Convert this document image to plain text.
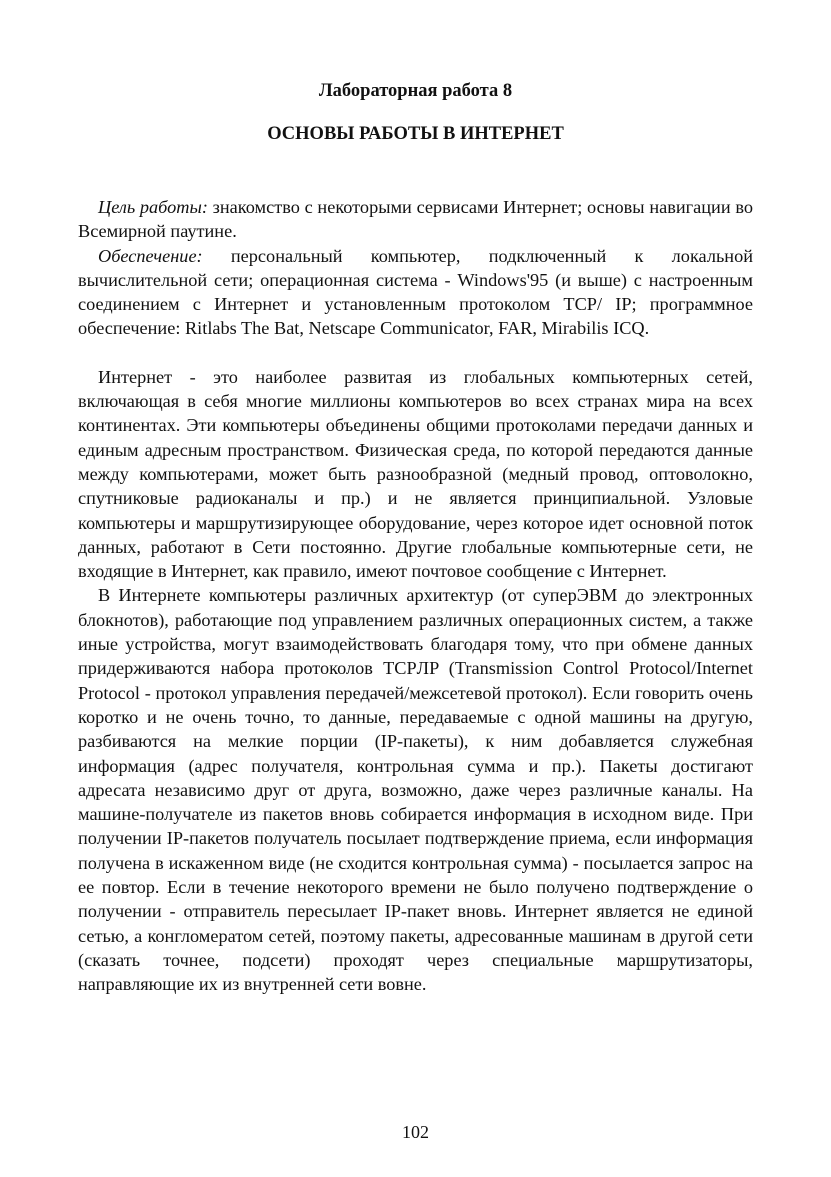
Лабораторная работа 8
ОСНОВЫ РАБОТЫ В ИНТЕРНЕТ

Цель работы: знакомство с некоторыми сервисами Интернет; основы навигации во Всемирной паутине.

Обеспечение: персональный компьютер, подключенный к локальной вычислительной сети; операционная система - Windows'95 (и выше) с настроенным соединением с Интернет и установленным протоколом TCP/ IP; программное обеспечение: Ritlabs The Bat, Netscape Communicator, FAR, Mirabilis ICQ.

Интернет - это наиболее развитая из глобальных компьютерных сетей, включающая в себя многие миллионы компьютеров во всех странах мира на всех континентах. Эти компьютеры объединены общими протоколами передачи данных и единым адресным пространством. Физическая среда, по которой передаются данные между компьютерами, может быть разнообразной (медный провод, оптоволокно, спутниковые радиоканалы и пр.) и не является принципиальной. Узловые компьютеры и маршрутизирующее оборудование, через которое идет основной поток данных, работают в Сети постоянно. Другие глобальные компьютерные сети, не входящие в Интернет, как правило, имеют почтовое сообщение с Интернет.

В Интернете компьютеры различных архитектур (от суперЭВМ до электронных блокнотов), работающие под управлением различных операционных систем, а также иные устройства, могут взаимодействовать благодаря тому, что при обмене данных придерживаются набора протоколов TCPЛP (Transmission Control Protocol/Internet Protocol - протокол управления передачей/межсетевой протокол). Если говорить очень коротко и не очень точно, то данные, передаваемые с одной машины на другую, разбиваются на мелкие порции (IP-пакеты), к ним добавляется служебная информация (адрес получателя, контрольная сумма и пр.). Пакеты достигают адресата независимо друг от друга, возможно, даже через различные каналы. На машине-получателе из пакетов вновь собирается информация в исходном виде. При получении IP-пакетов получатель посылает подтверждение приема, если информация получена в искаженном виде (не сходится контрольная сумма) - посылается запрос на ее повтор. Если в течение некоторого времени не было получено подтверждение о получении - отправитель пересылает IP-пакет вновь. Интернет является не единой сетью, а конгломератом сетей, поэтому пакеты, адресованные машинам в другой сети (сказать точнее, подсети) проходят через специальные маршрутизаторы, направляющие их из внутренней сети вовне.

102
